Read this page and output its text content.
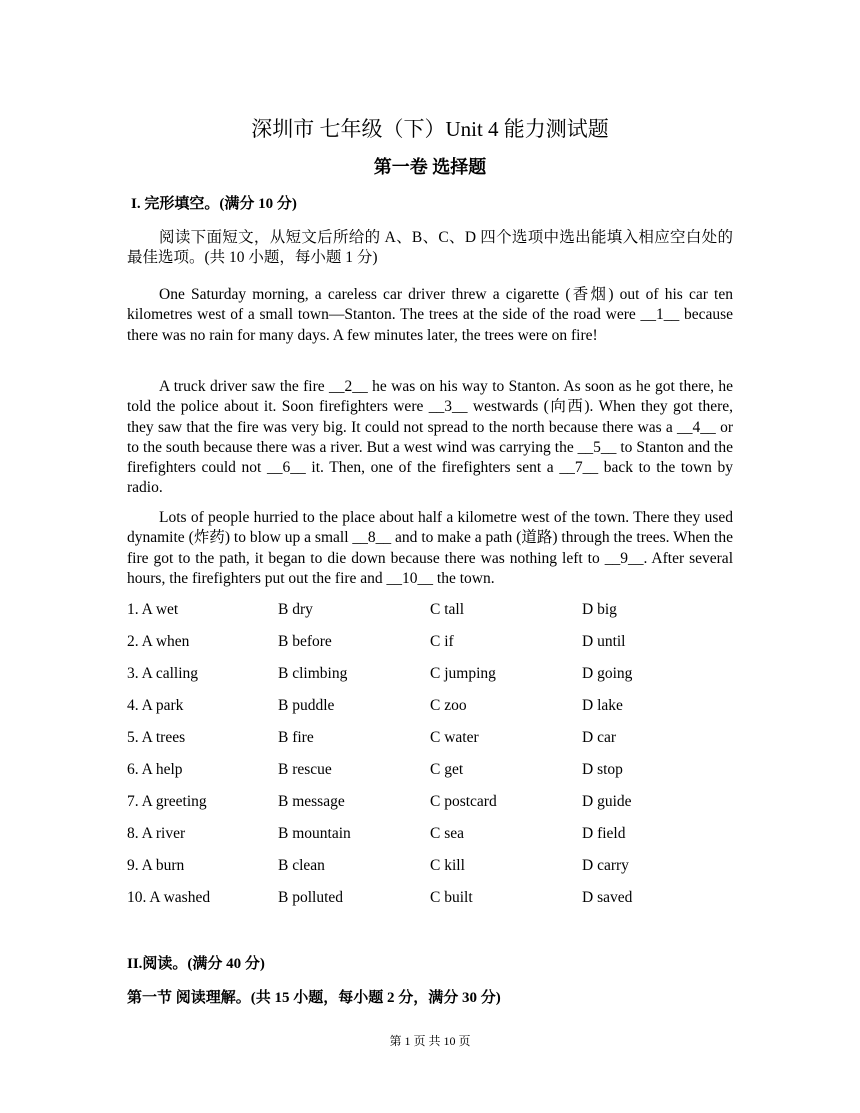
深圳市 七年级（下）Unit 4 能力测试题
第一卷 选择题
I. 完形填空。(满分 10 分)

阅读下面短文，从短文后所给的 A、B、C、D 四个选项中选出能填入相应空白处的最佳选项。(共 10 小题，每小题 1 分)

One Saturday morning, a careless car driver threw a cigarette (香烟) out of his car ten kilometres west of a small town—Stanton. The trees at the side of the road were __1__ because there was no rain for many days. A few minutes later, the trees were on fire!

A truck driver saw the fire __2__ he was on his way to Stanton. As soon as he got there, he told the police about it. Soon firefighters were __3__ westwards (向西). When they got there, they saw that the fire was very big. It could not spread to the north because there was a __4__ or to the south because there was a river. But a west wind was carrying the __5__ to Stanton and the firefighters could not __6__ it. Then, one of the firefighters sent a __7__ back to the town by radio.

Lots of people hurried to the place about half a kilometre west of the town. There they used dynamite (炸药) to blow up a small __8__ and to make a path (道路) through the trees. When the fire got to the path, it began to die down because there was nothing left to __9__. After several hours, the firefighters put out the fire and __10__ the town.

1. A wet	B dry	C tall	D big
2. A when	B before	C if	D until
3. A calling	B climbing	C jumping	D going
4. A park	B puddle	C zoo	D lake
5. A trees	B fire	C water	D car
6. A help	B rescue	C get	D stop
7. A greeting	B message	C postcard	D guide
8. A river	B mountain	C sea	D field
9. A burn	B clean	C kill	D carry
10. A washed	B polluted	C built	D saved
II.阅读。(满分 40 分)
第一节 阅读理解。(共 15 小题，每小题 2 分，满分 30 分)
第 1 页 共 10 页
